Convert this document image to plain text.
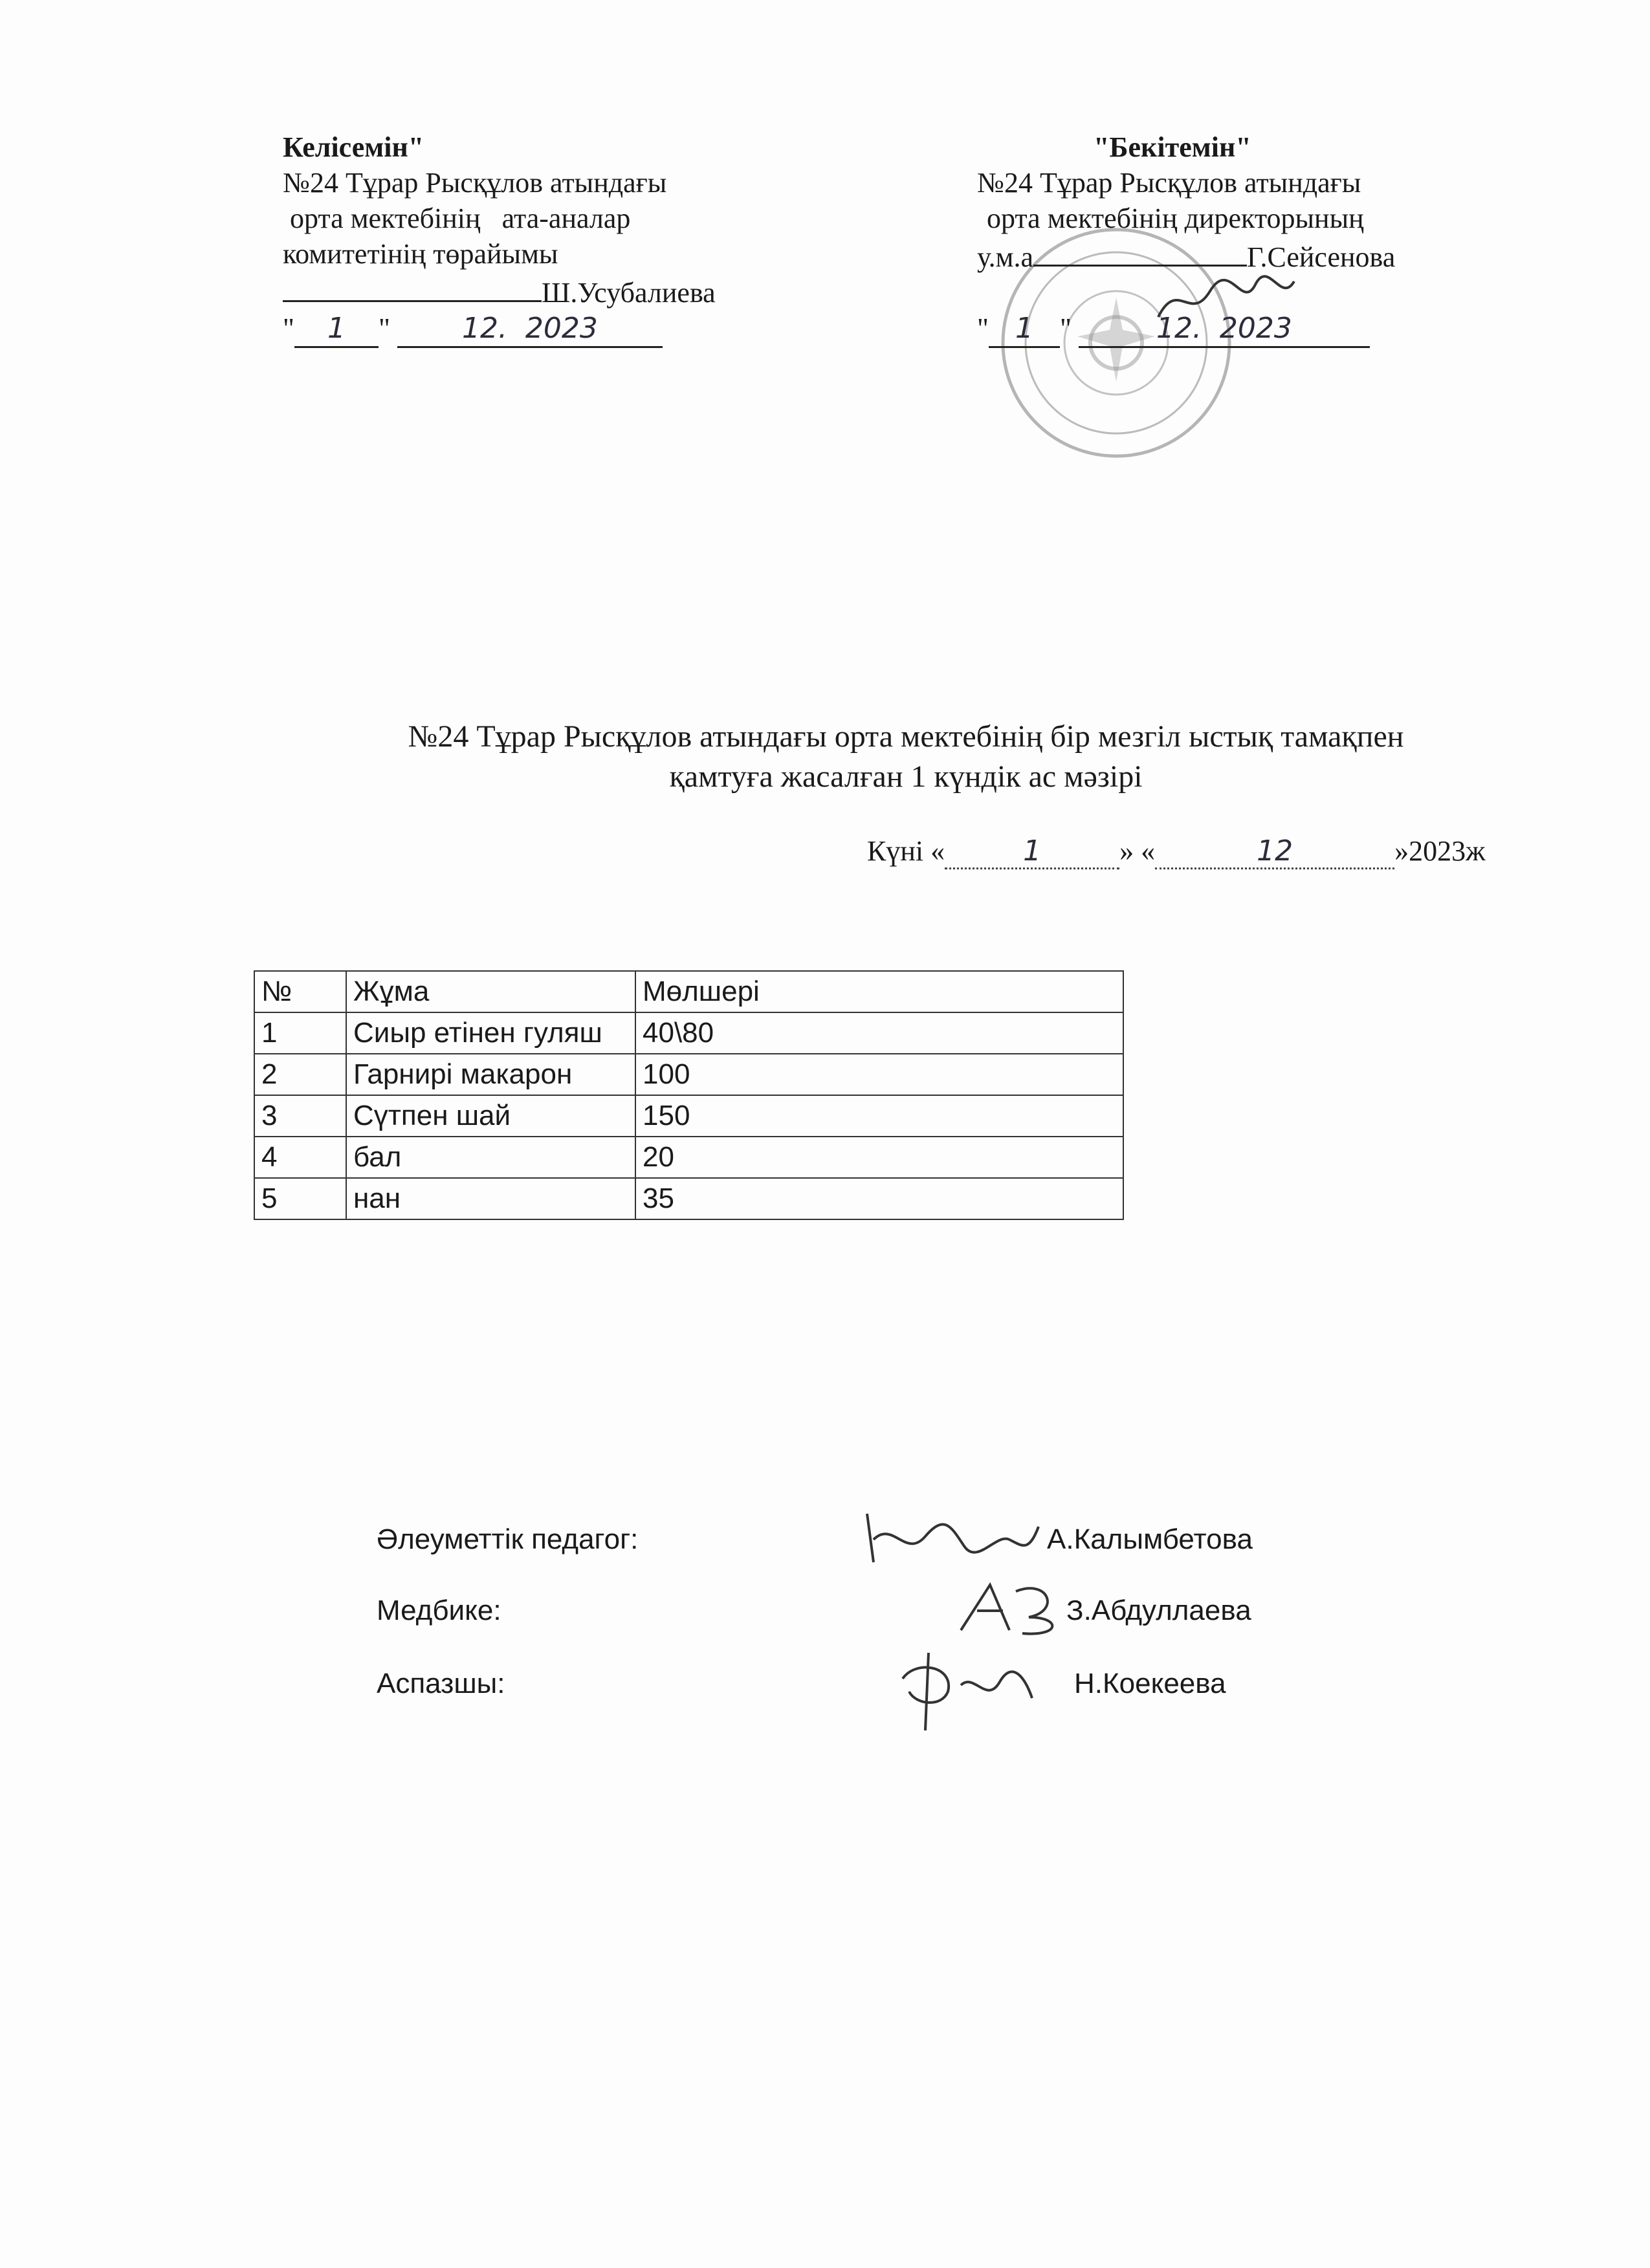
Келісемін"
№24 Тұрар Рысқұлов атындағы
орта мектебінің   ата-аналар
комитетінің төрайымы
Ш.Усубалиева
" 1 "	12.  2023
"Бекітемін"
№24 Тұрар Рысқұлов атындағы
орта мектебінің директорының
у.м.а	Г.Сейсенова
" 1 "	12.  2023
№24 Тұрар Рысқұлов атындағы орта мектебінің бір мезгіл ыстық тамақпен
қамтуға жасалған 1 күндік ас мәзірі
Күні «	1	» «	12	»2023ж
№	Жұма	Мөлшері
1	Сиыр етінен гуляш	40\80
2	Гарнирі макарон	100
3	Сүтпен шай	150
4	бал	20
5	нан	35
Әлеуметтік педагог:	А.Калымбетова
Медбике:	З.Абдуллаева
Аспазшы:	Н.Коекеева
